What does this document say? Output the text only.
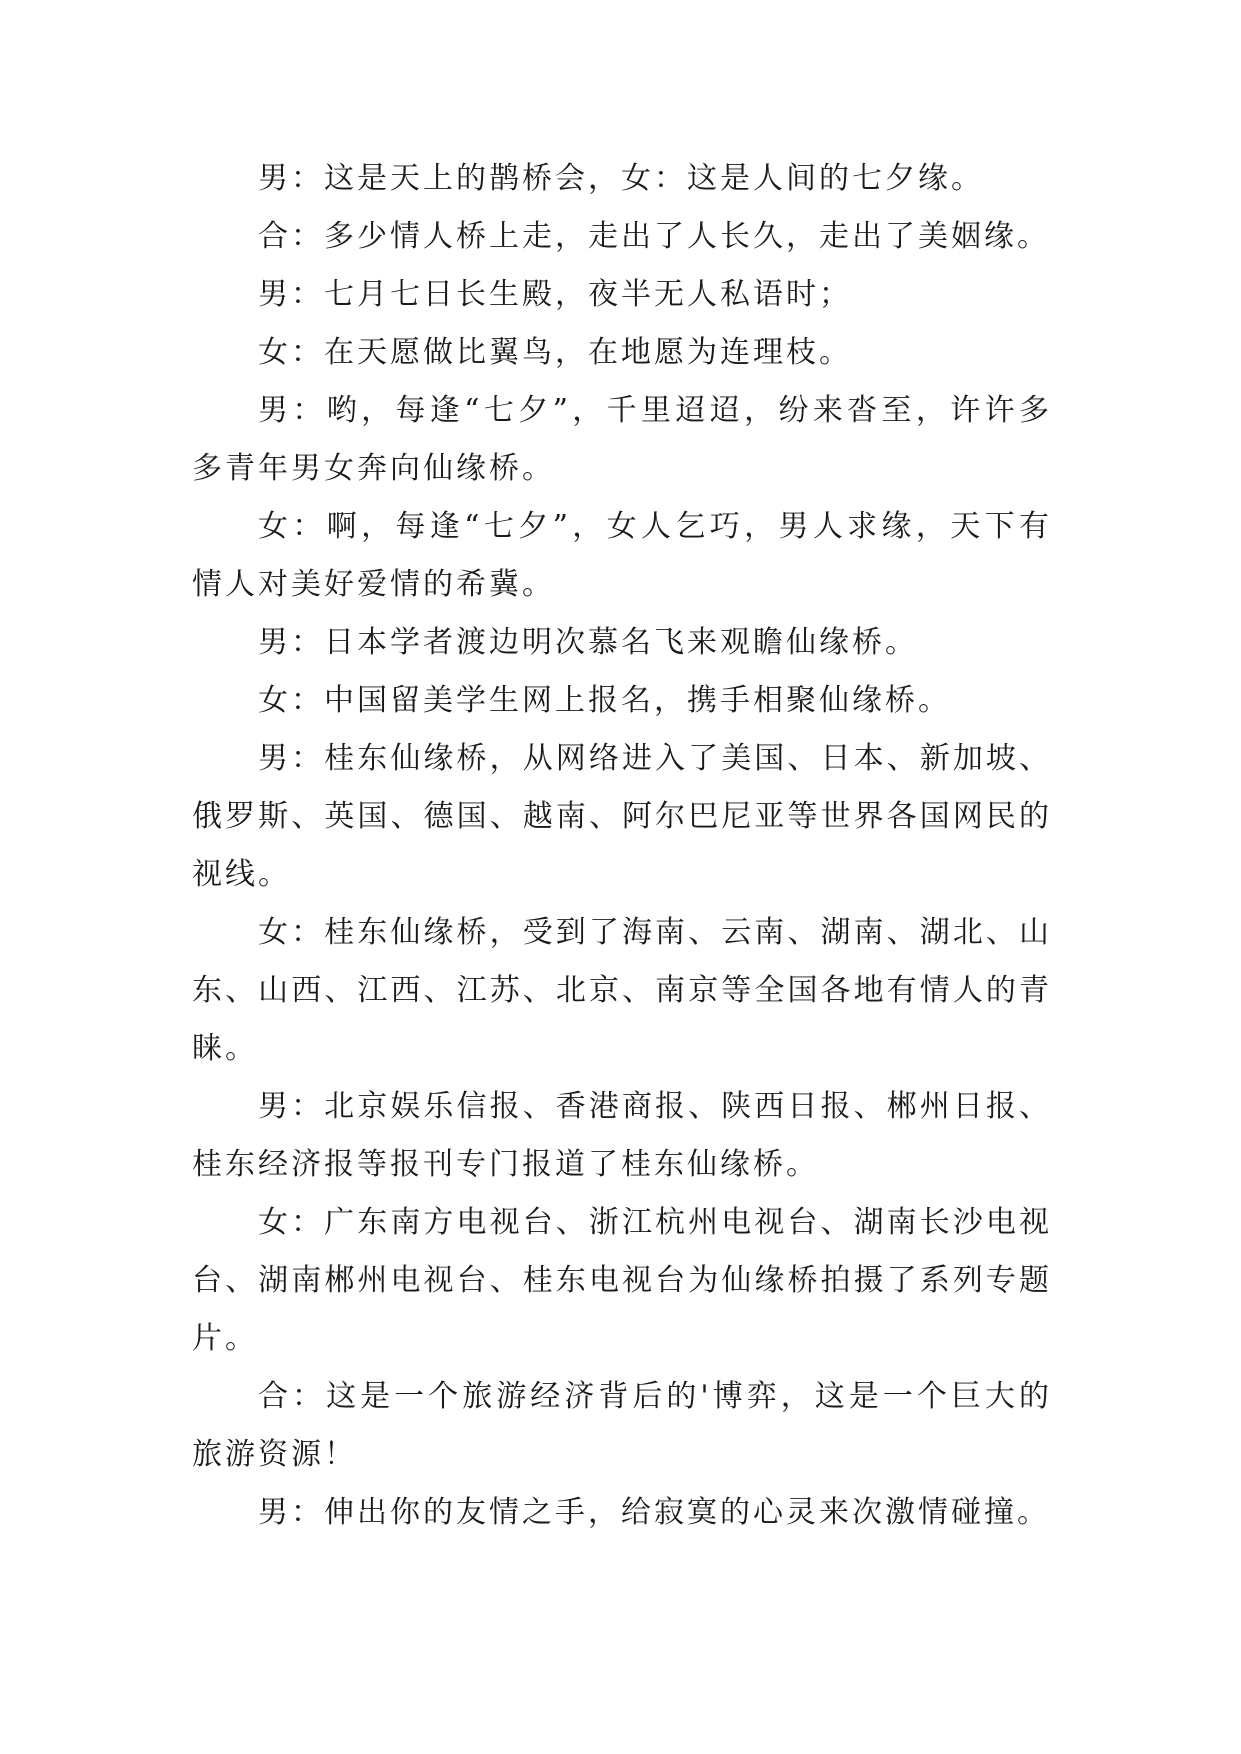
男：这是天上的鹊桥会，女：这是人间的七夕缘。

合：多少情人桥上走，走出了人长久，走出了美姻缘。

男：七月七日长生殿，夜半无人私语时；

女：在天愿做比翼鸟，在地愿为连理枝。

男：哟，每逢“七夕”，千里迢迢，纷来沓至，许许多多青年男女奔向仙缘桥。

女：啊，每逢“七夕”，女人乞巧，男人求缘，天下有情人对美好爱情的希冀。

男：日本学者渡边明次慕名飞来观瞻仙缘桥。

女：中国留美学生网上报名，携手相聚仙缘桥。

男：桂东仙缘桥，从网络进入了美国、日本、新加坡、俄罗斯、英国、德国、越南、阿尔巴尼亚等世界各国网民的视线。

女：桂东仙缘桥，受到了海南、云南、湖南、湖北、山东、山西、江西、江苏、北京、南京等全国各地有情人的青睐。

男：北京娱乐信报、香港商报、陕西日报、郴州日报、桂东经济报等报刊专门报道了桂东仙缘桥。

女：广东南方电视台、浙江杭州电视台、湖南长沙电视台、湖南郴州电视台、桂东电视台为仙缘桥拍摄了系列专题片。

合：这是一个旅游经济背后的'博弈，这是一个巨大的旅游资源！

男：伸出你的友情之手，给寂寞的心灵来次激情碰撞。
